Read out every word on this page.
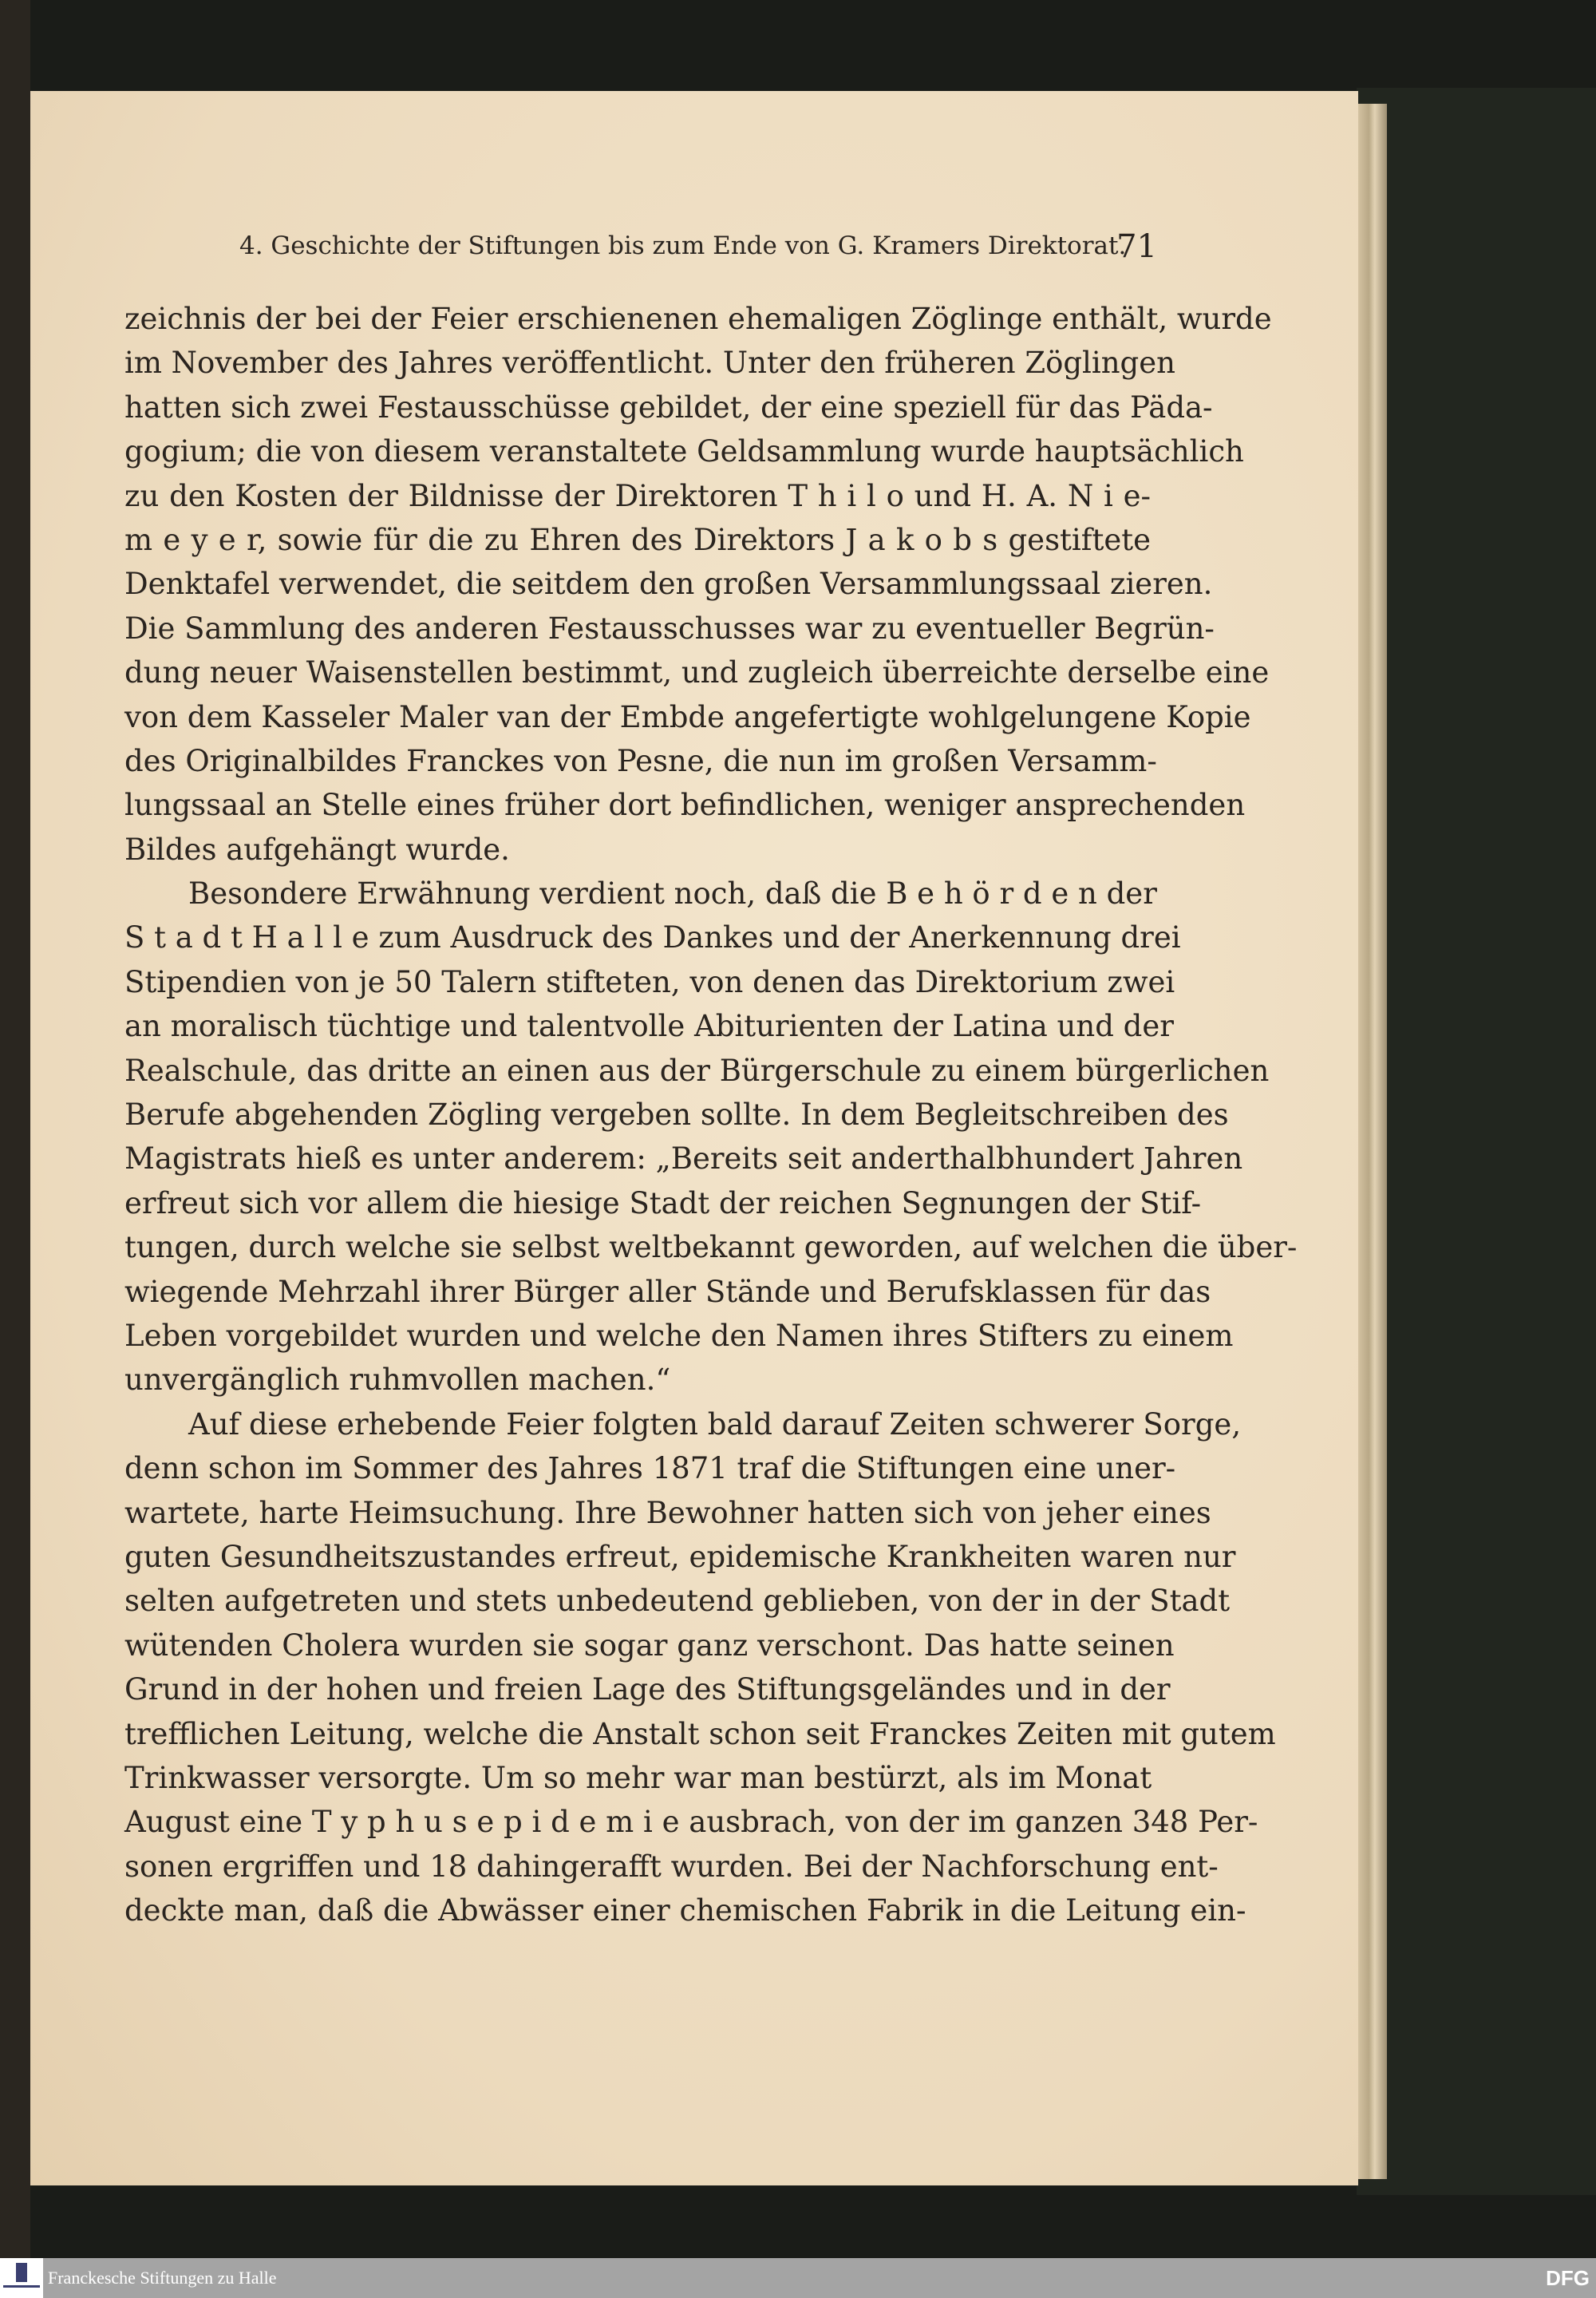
4. Geschichte der Stiftungen bis zum Ende von G. Kramers Direktorat.
71
zeichnis der bei der Feier erschienenen ehemaligen Zöglinge enthält, wurde
im November des Jahres veröffentlicht. Unter den früheren Zöglingen
hatten sich zwei Festausschüsse gebildet, der eine speziell für das Päda-
gogium; die von diesem veranstaltete Geldsammlung wurde hauptsächlich
zu den Kosten der Bildnisse der Direktoren T h i l o und H. A. N i e-
m e y e r, sowie für die zu Ehren des Direktors J a k o b s gestiftete
Denktafel verwendet, die seitdem den großen Versammlungssaal zieren.
Die Sammlung des anderen Festausschusses war zu eventueller Begrün-
dung neuer Waisenstellen bestimmt, und zugleich überreichte derselbe eine
von dem Kasseler Maler van der Embde angefertigte wohlgelungene Kopie
des Originalbildes Franckes von Pesne, die nun im großen Versamm-
lungssaal an Stelle eines früher dort befindlichen, weniger ansprechenden
Bildes aufgehängt wurde.
Besondere Erwähnung verdient noch, daß die B e h ö r d e n der
S t a d t H a l l e zum Ausdruck des Dankes und der Anerkennung drei
Stipendien von je 50 Talern stifteten, von denen das Direktorium zwei
an moralisch tüchtige und talentvolle Abiturienten der Latina und der
Realschule, das dritte an einen aus der Bürgerschule zu einem bürgerlichen
Berufe abgehenden Zögling vergeben sollte. In dem Begleitschreiben des
Magistrats hieß es unter anderem: „Bereits seit anderthalbhundert Jahren
erfreut sich vor allem die hiesige Stadt der reichen Segnungen der Stif-
tungen, durch welche sie selbst weltbekannt geworden, auf welchen die über-
wiegende Mehrzahl ihrer Bürger aller Stände und Berufsklassen für das
Leben vorgebildet wurden und welche den Namen ihres Stifters zu einem
unvergänglich ruhmvollen machen.“
Auf diese erhebende Feier folgten bald darauf Zeiten schwerer Sorge,
denn schon im Sommer des Jahres 1871 traf die Stiftungen eine uner-
wartete, harte Heimsuchung. Ihre Bewohner hatten sich von jeher eines
guten Gesundheitszustandes erfreut, epidemische Krankheiten waren nur
selten aufgetreten und stets unbedeutend geblieben, von der in der Stadt
wütenden Cholera wurden sie sogar ganz verschont. Das hatte seinen
Grund in der hohen und freien Lage des Stiftungsgeländes und in der
trefflichen Leitung, welche die Anstalt schon seit Franckes Zeiten mit gutem
Trinkwasser versorgte. Um so mehr war man bestürzt, als im Monat
August eine T y p h u s e p i d e m i e ausbrach, von der im ganzen 348 Per-
sonen ergriffen und 18 dahingerafft wurden. Bei der Nachforschung ent-
deckte man, daß die Abwässer einer chemischen Fabrik in die Leitung ein-
Franckesche Stiftungen zu Halle	DFG
